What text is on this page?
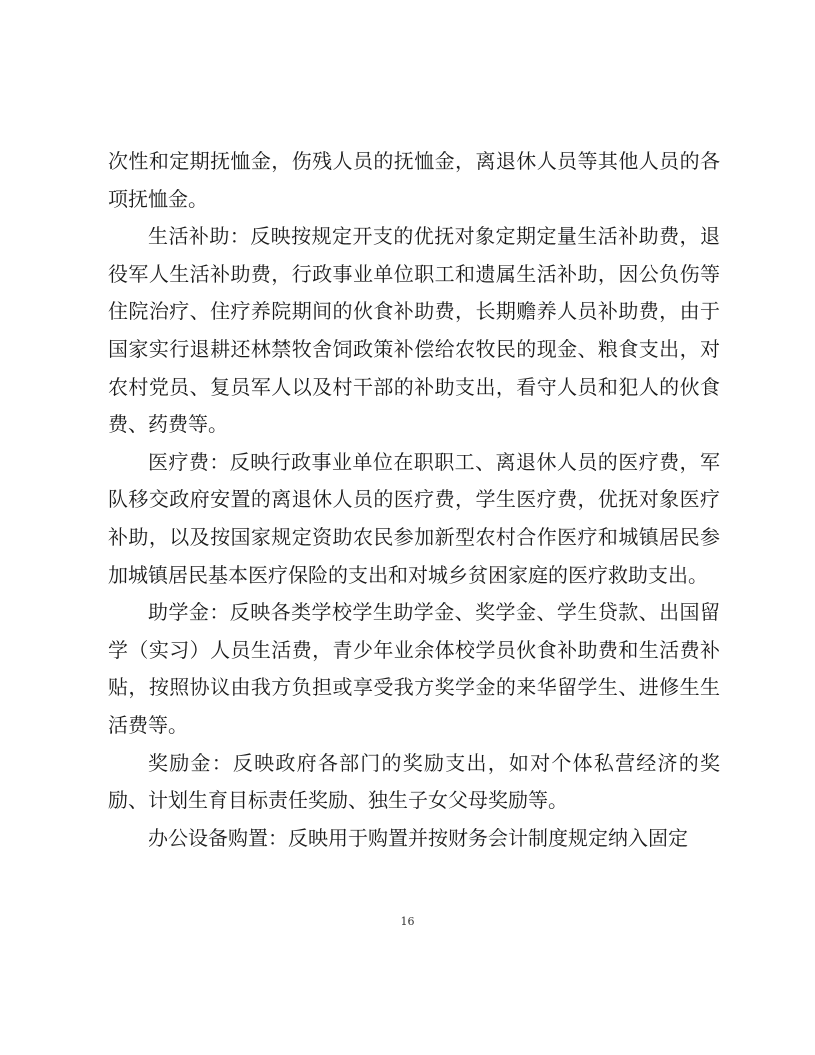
次性和定期抚恤金，伤残人员的抚恤金，离退休人员等其他人员的各项抚恤金。

生活补助：反映按规定开支的优抚对象定期定量生活补助费，退役军人生活补助费，行政事业单位职工和遗属生活补助，因公负伤等住院治疗、住疗养院期间的伙食补助费，长期赡养人员补助费，由于国家实行退耕还林禁牧舍饲政策补偿给农牧民的现金、粮食支出，对农村党员、复员军人以及村干部的补助支出，看守人员和犯人的伙食费、药费等。

医疗费：反映行政事业单位在职职工、离退休人员的医疗费，军队移交政府安置的离退休人员的医疗费，学生医疗费，优抚对象医疗补助，以及按国家规定资助农民参加新型农村合作医疗和城镇居民参加城镇居民基本医疗保险的支出和对城乡贫困家庭的医疗救助支出。

助学金：反映各类学校学生助学金、奖学金、学生贷款、出国留学（实习）人员生活费，青少年业余体校学员伙食补助费和生活费补贴，按照协议由我方负担或享受我方奖学金的来华留学生、进修生生活费等。

奖励金：反映政府各部门的奖励支出，如对个体私营经济的奖励、计划生育目标责任奖励、独生子女父母奖励等。

办公设备购置：反映用于购置并按财务会计制度规定纳入固定

16
